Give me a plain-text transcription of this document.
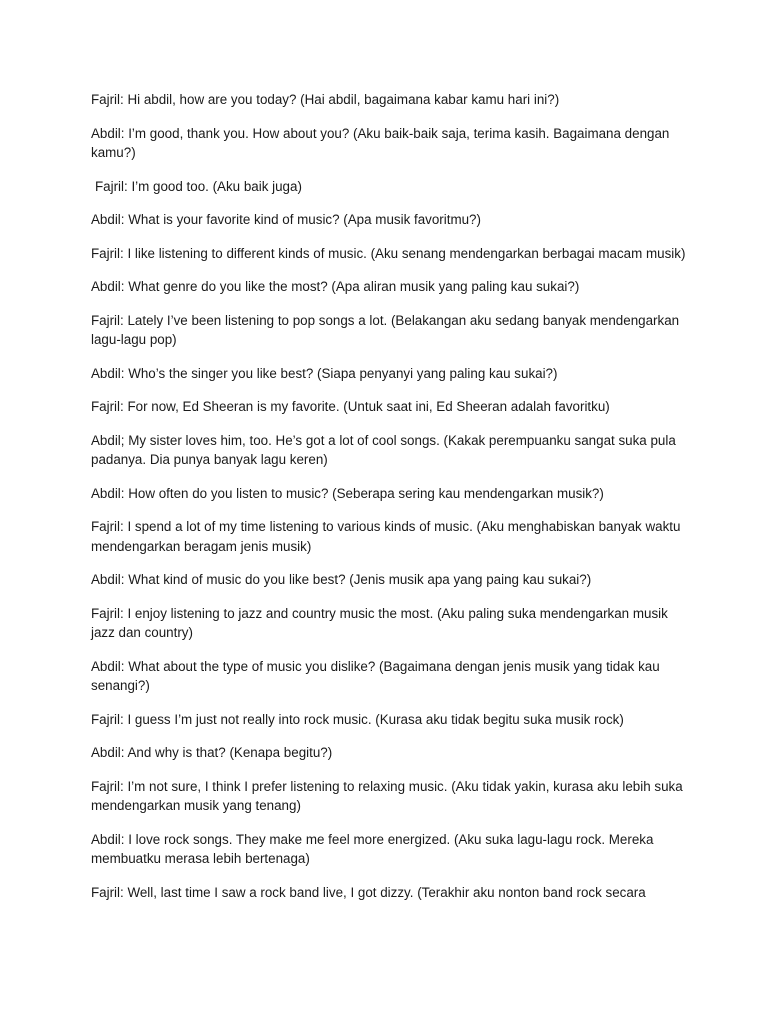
Fajril: Hi abdil, how are you today? (Hai abdil, bagaimana kabar kamu hari ini?)

Abdil: I’m good, thank you. How about you? (Aku baik-baik saja, terima kasih. Bagaimana dengan kamu?)

Fajril: I’m good too. (Aku baik juga)

Abdil: What is your favorite kind of music? (Apa musik favoritmu?)

Fajril: I like listening to different kinds of music. (Aku senang mendengarkan berbagai macam musik)

Abdil: What genre do you like the most? (Apa aliran musik yang paling kau sukai?)

Fajril: Lately I’ve been listening to pop songs a lot. (Belakangan aku sedang banyak mendengarkan lagu-lagu pop)

Abdil: Who’s the singer you like best? (Siapa penyanyi yang paling kau sukai?)

Fajril: For now, Ed Sheeran is my favorite. (Untuk saat ini, Ed Sheeran adalah favoritku)

Abdil; My sister loves him, too. He’s got a lot of cool songs. (Kakak perempuanku sangat suka pula padanya. Dia punya banyak lagu keren)

Abdil: How often do you listen to music? (Seberapa sering kau mendengarkan musik?)

Fajril: I spend a lot of my time listening to various kinds of music. (Aku menghabiskan banyak waktu mendengarkan beragam jenis musik)

Abdil: What kind of music do you like best? (Jenis musik apa yang paing kau sukai?)

Fajril: I enjoy listening to jazz and country music the most. (Aku paling suka mendengarkan musik jazz dan country)

Abdil: What about the type of music you dislike? (Bagaimana dengan jenis musik yang tidak kau senangi?)

Fajril: I guess I’m just not really into rock music. (Kurasa aku tidak begitu suka musik rock)

Abdil: And why is that? (Kenapa begitu?)

Fajril: I’m not sure, I think I prefer listening to relaxing music. (Aku tidak yakin, kurasa aku lebih suka mendengarkan musik yang tenang)

Abdil: I love rock songs. They make me feel more energized. (Aku suka lagu-lagu rock. Mereka membuatku merasa lebih bertenaga)

Fajril: Well, last time I saw a rock band live, I got dizzy. (Terakhir aku nonton band rock secara
